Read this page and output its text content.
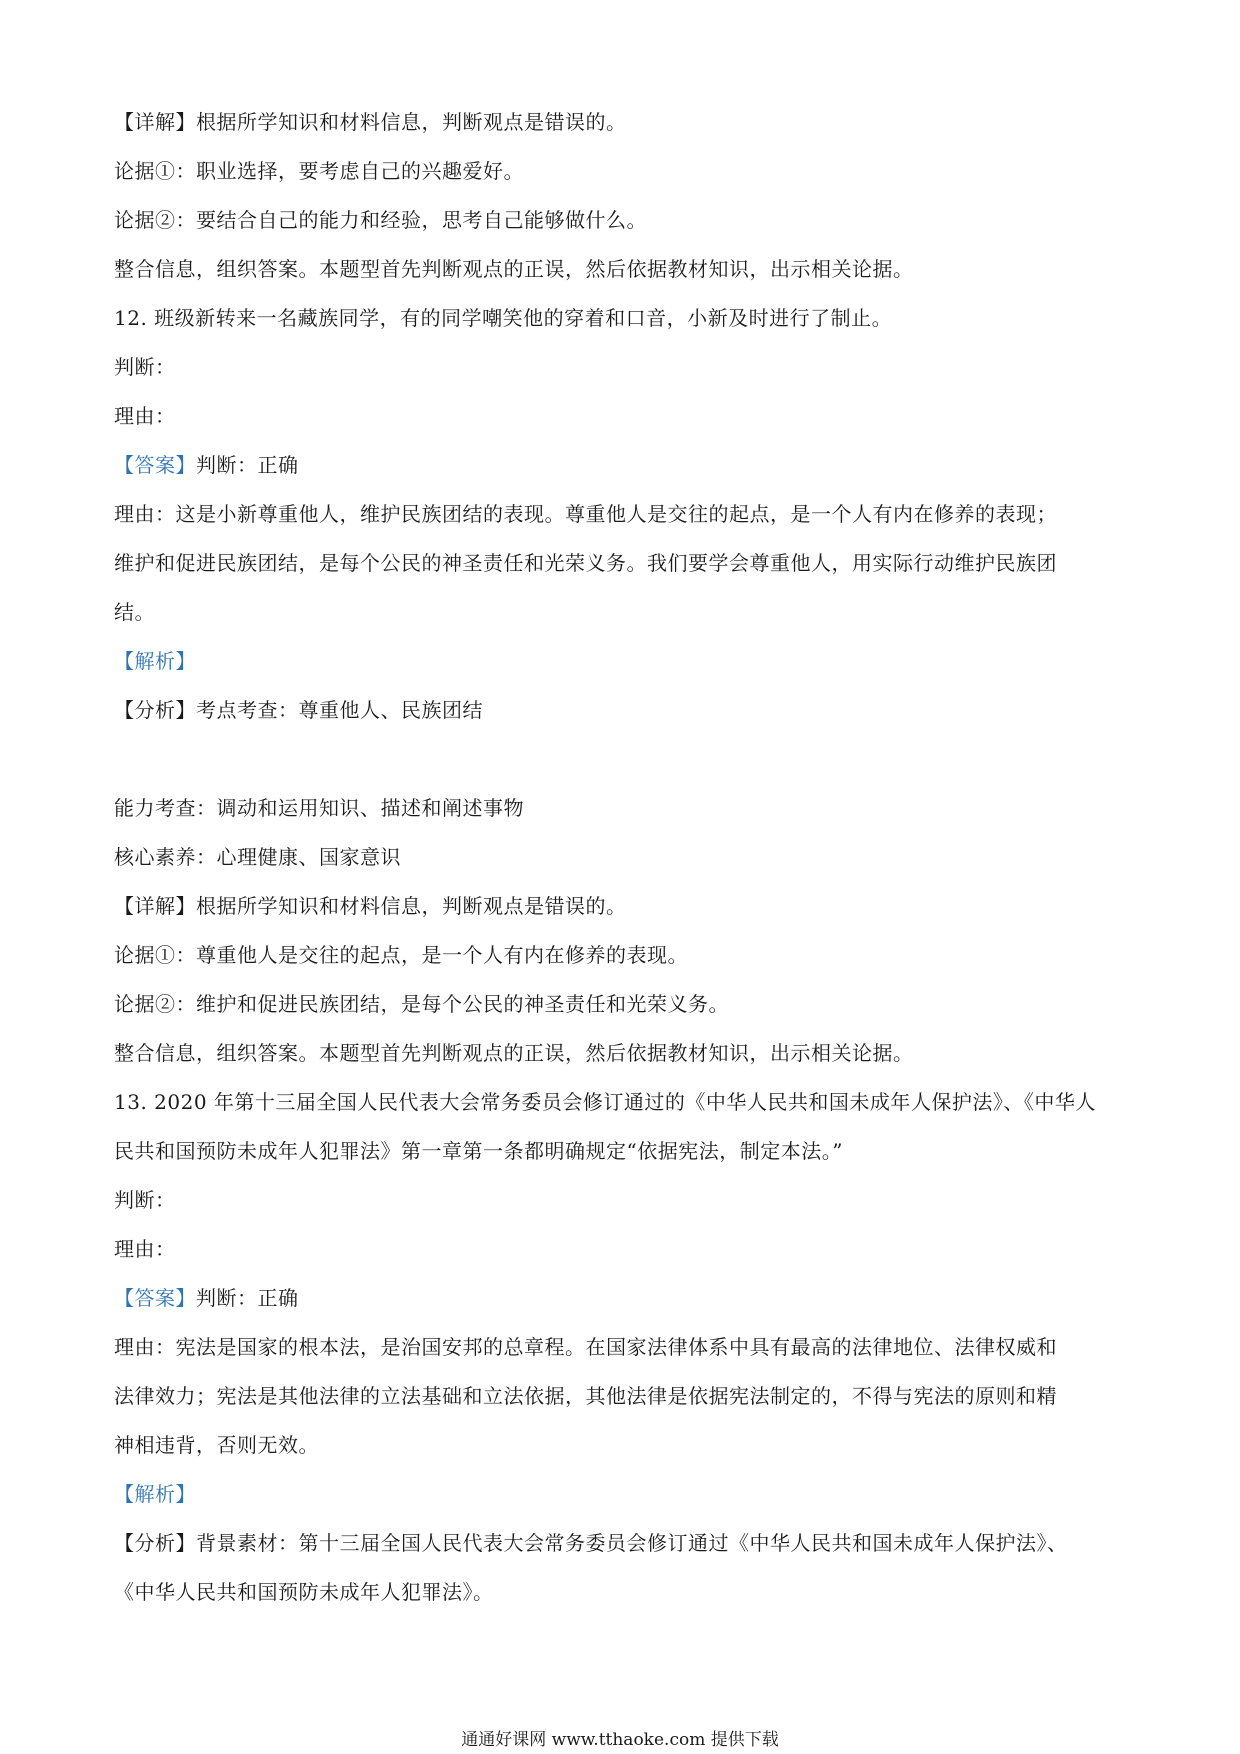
【详解】根据所学知识和材料信息，判断观点是错误的。
论据①：职业选择，要考虑自己的兴趣爱好。
论据②：要结合自己的能力和经验，思考自己能够做什么。
整合信息，组织答案。本题型首先判断观点的正误，然后依据教材知识，出示相关论据。
12. 班级新转来一名藏族同学，有的同学嘲笑他的穿着和口音，小新及时进行了制止。
判断：
理由：
【答案】判断：正确
理由：这是小新尊重他人，维护民族团结的表现。尊重他人是交往的起点，是一个人有内在修养的表现；
维护和促进民族团结，是每个公民的神圣责任和光荣义务。我们要学会尊重他人，用实际行动维护民族团
结。
【解析】
【分析】考点考查：尊重他人、民族团结
能力考查：调动和运用知识、描述和阐述事物
核心素养：心理健康、国家意识
【详解】根据所学知识和材料信息，判断观点是错误的。
论据①：尊重他人是交往的起点，是一个人有内在修养的表现。
论据②：维护和促进民族团结，是每个公民的神圣责任和光荣义务。
整合信息，组织答案。本题型首先判断观点的正误，然后依据教材知识，出示相关论据。
13. 2020 年第十三届全国人民代表大会常务委员会修订通过的《中华人民共和国未成年人保护法》、《中华人
民共和国预防未成年人犯罪法》第一章第一条都明确规定“依据宪法，制定本法。”
判断：
理由：
【答案】判断：正确
理由：宪法是国家的根本法，是治国安邦的总章程。在国家法律体系中具有最高的法律地位、法律权威和
法律效力；宪法是其他法律的立法基础和立法依据，其他法律是依据宪法制定的，不得与宪法的原则和精
神相违背，否则无效。
【解析】
【分析】背景素材：第十三届全国人民代表大会常务委员会修订通过《中华人民共和国未成年人保护法》、
《中华人民共和国预防未成年人犯罪法》。
通通好课网 www.tthaoke.com 提供下载
